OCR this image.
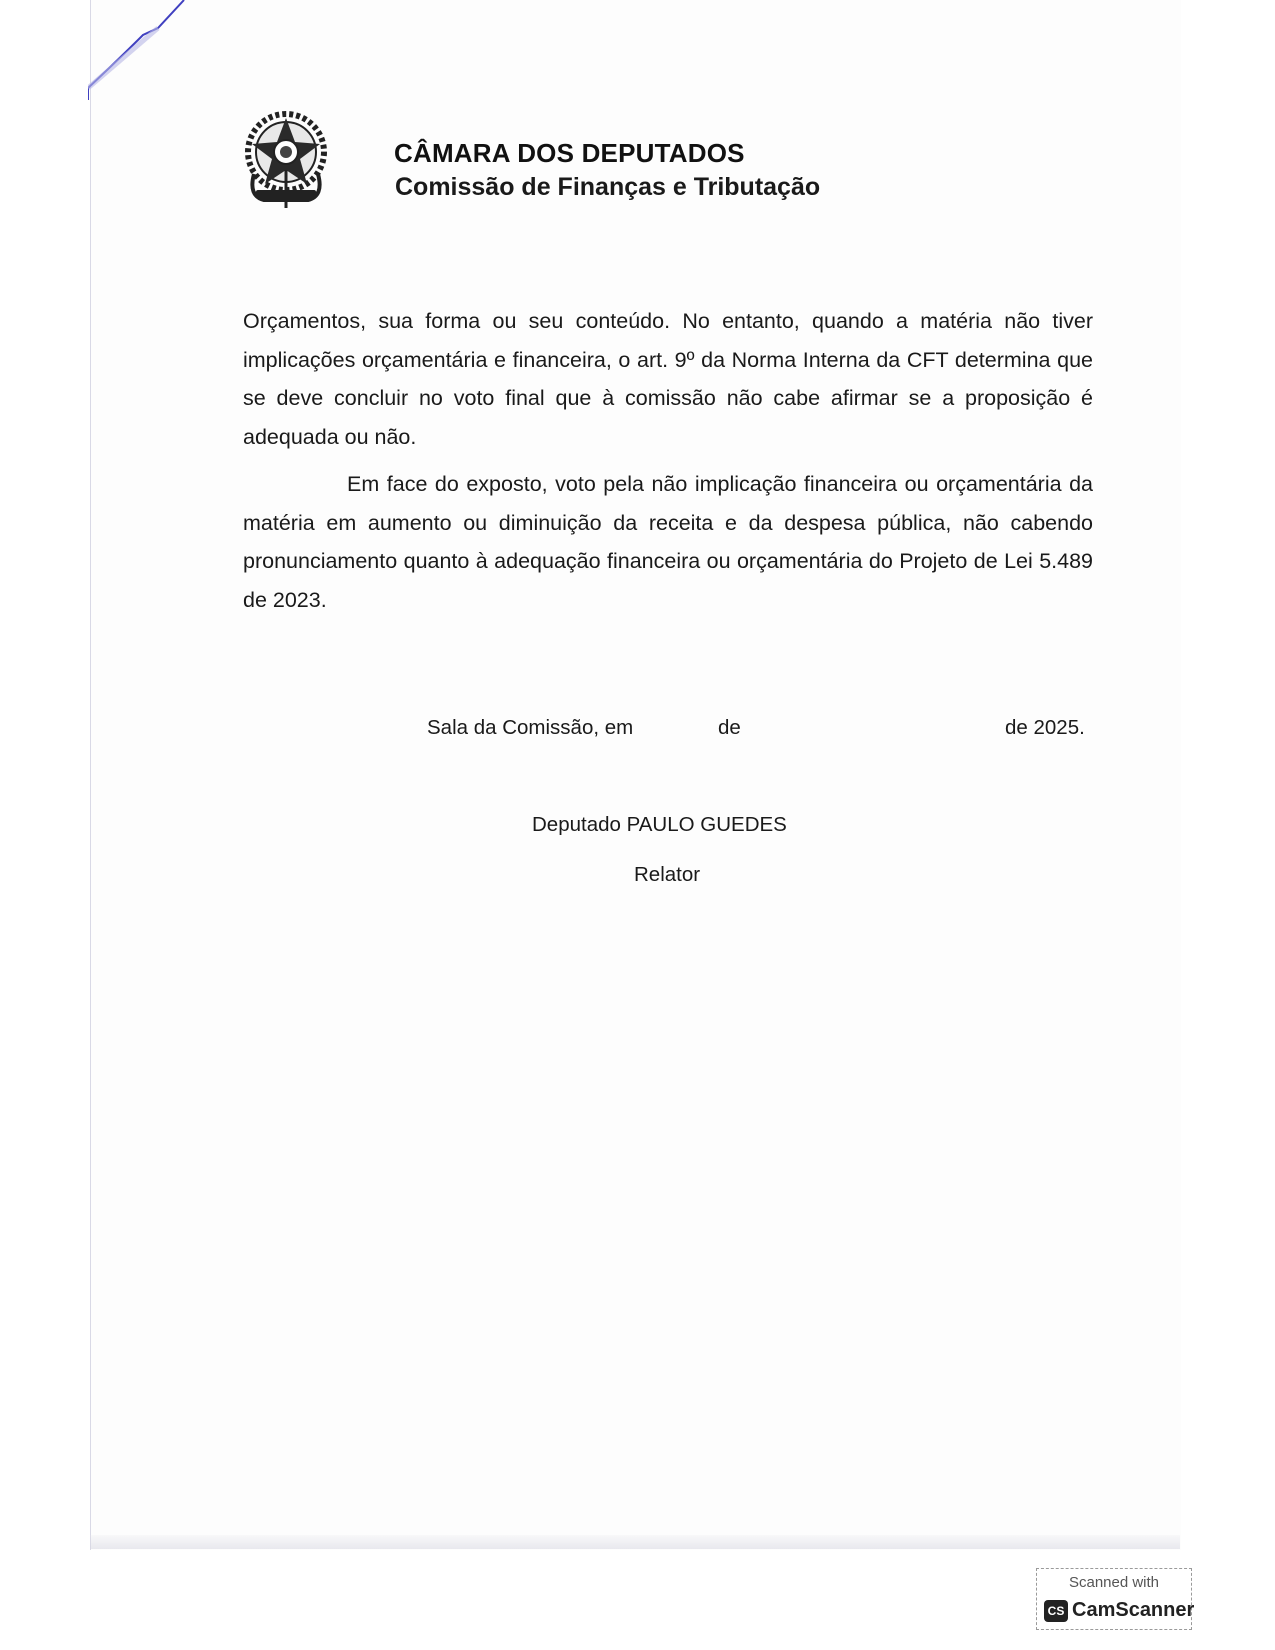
CÂMARA DOS DEPUTADOS
Comissão de Finanças e Tributação

Orçamentos, sua forma ou seu conteúdo. No entanto, quando a matéria não tiver implicações orçamentária e financeira, o art. 9º da Norma Interna da CFT determina que se deve concluir no voto final que à comissão não cabe afirmar se a proposição é adequada ou não.

Em face do exposto, voto pela não implicação financeira ou orçamentária da matéria em aumento ou diminuição da receita e da despesa pública, não cabendo pronunciamento quanto à adequação financeira ou orçamentária do Projeto de Lei 5.489 de 2023.

Sala da Comissão, em	de	de 2025.

Deputado PAULO GUEDES

Relator

Scanned with
CS CamScanner
